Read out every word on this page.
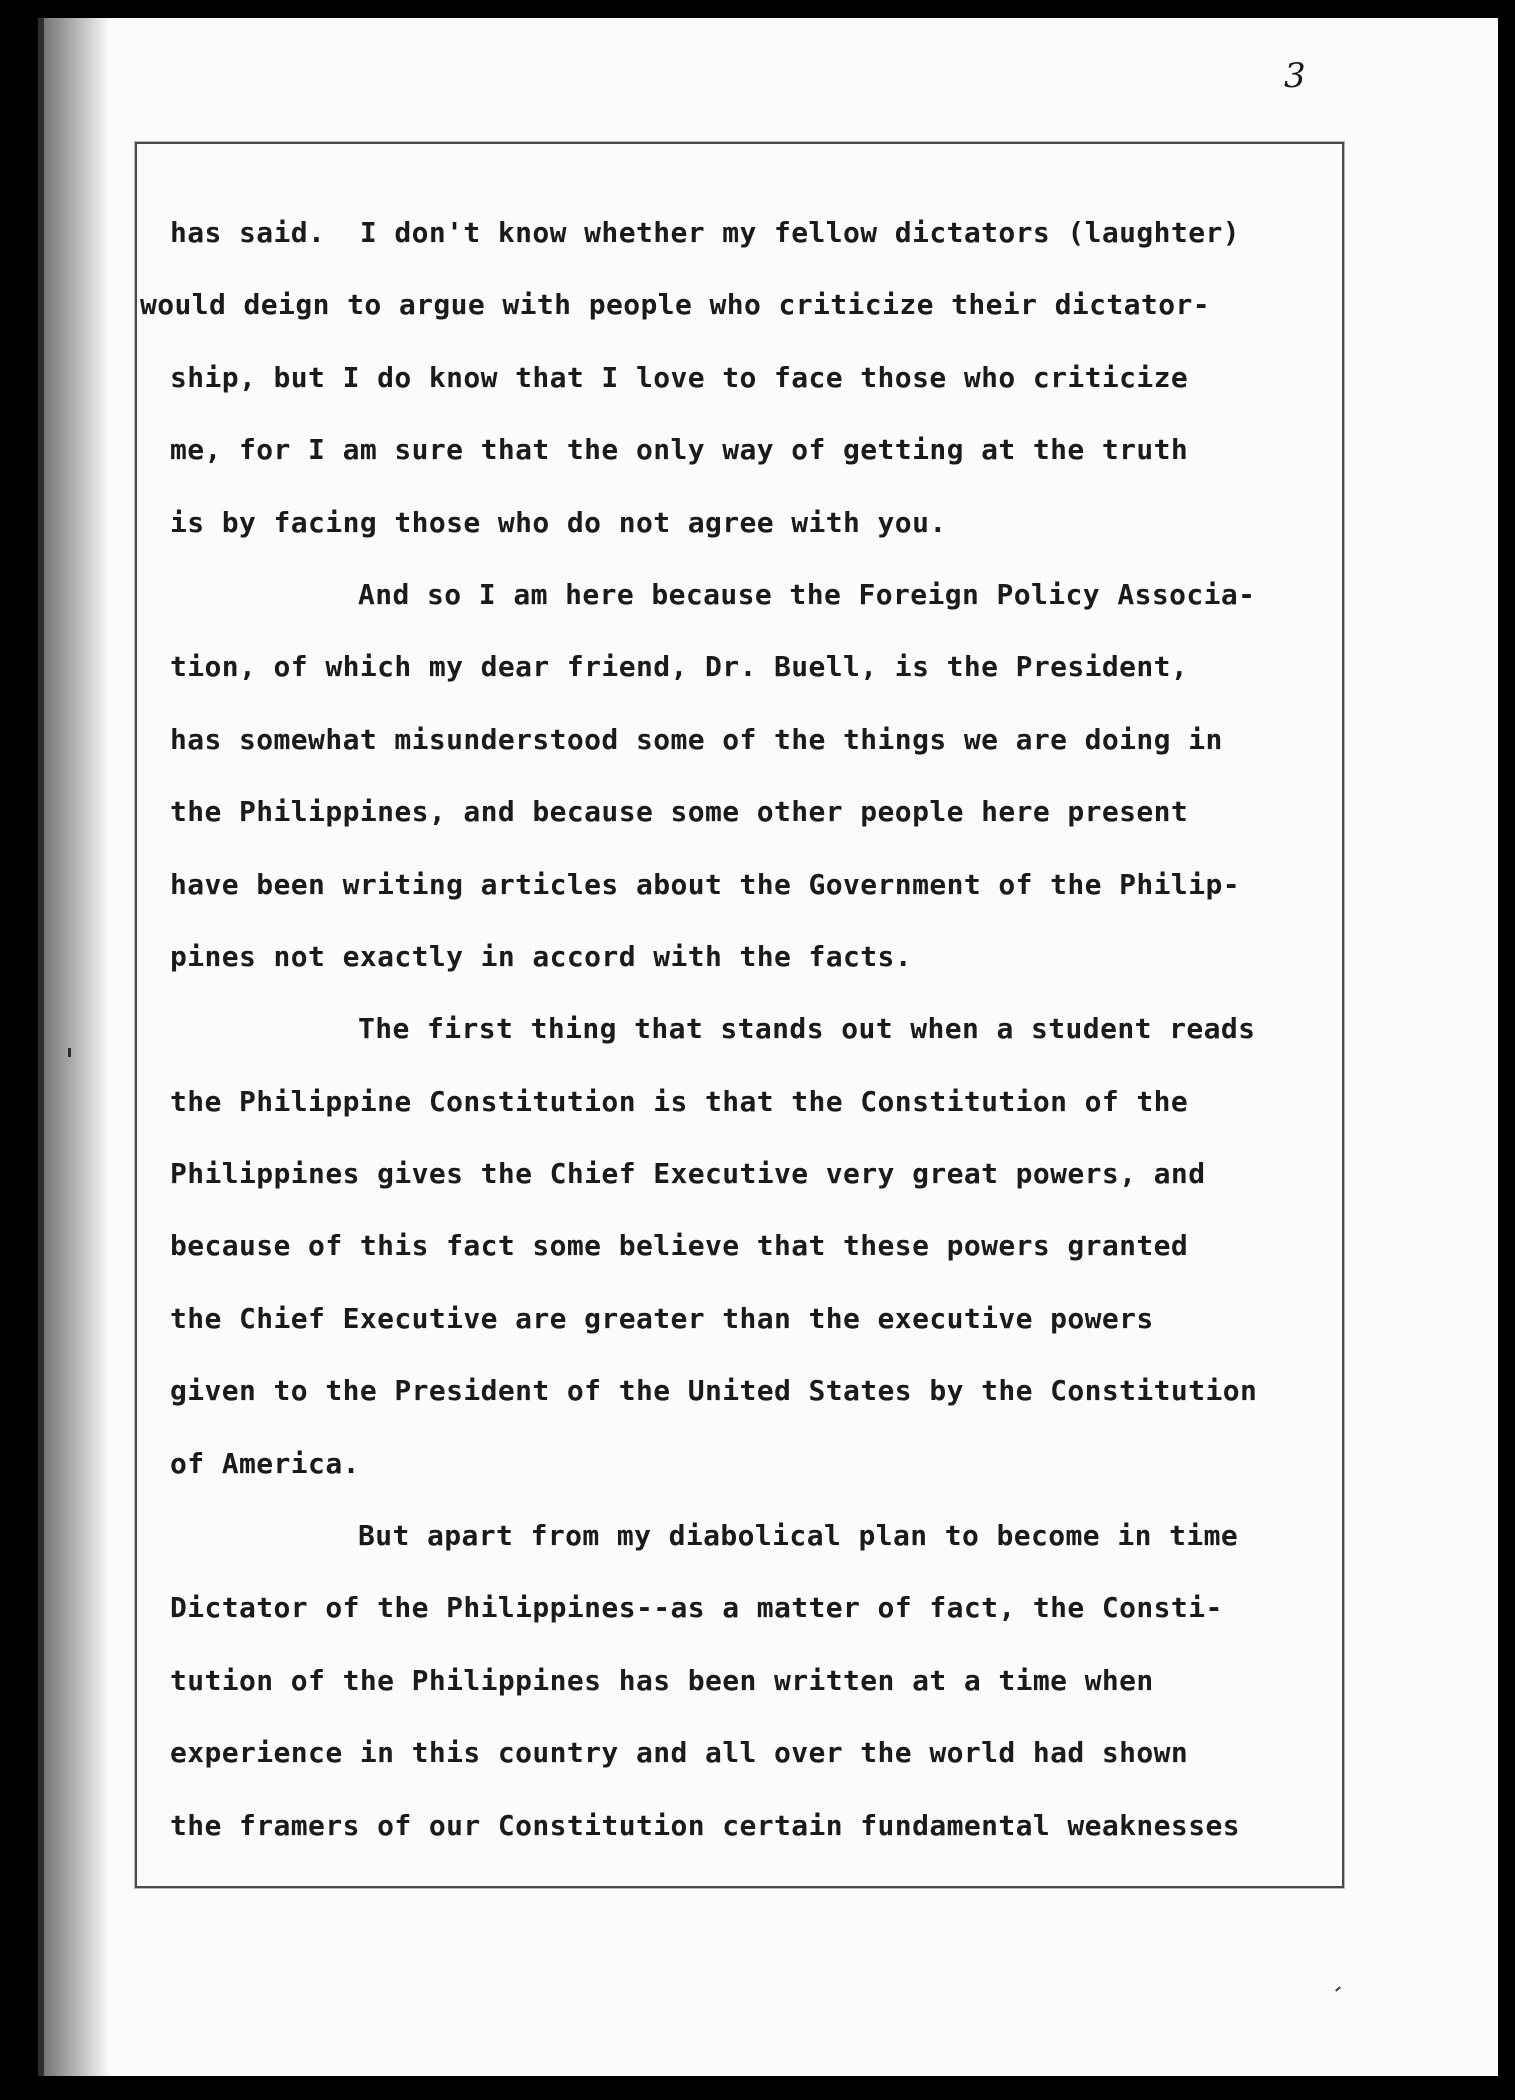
3
has said.  I don't know whether my fellow dictators (laughter)
would deign to argue with people who criticize their dictator-
ship, but I do know that I love to face those who criticize
me, for I am sure that the only way of getting at the truth
is by facing those who do not agree with you.
And so I am here because the Foreign Policy Associa-
tion, of which my dear friend, Dr. Buell, is the President,
has somewhat misunderstood some of the things we are doing in
the Philippines, and because some other people here present
have been writing articles about the Government of the Philip-
pines not exactly in accord with the facts.
The first thing that stands out when a student reads
the Philippine Constitution is that the Constitution of the
Philippines gives the Chief Executive very great powers, and
because of this fact some believe that these powers granted
the Chief Executive are greater than the executive powers
given to the President of the United States by the Constitution
of America.
But apart from my diabolical plan to become in time
Dictator of the Philippines--as a matter of fact, the Consti-
tution of the Philippines has been written at a time when
experience in this country and all over the world had shown
the framers of our Constitution certain fundamental weaknesses
